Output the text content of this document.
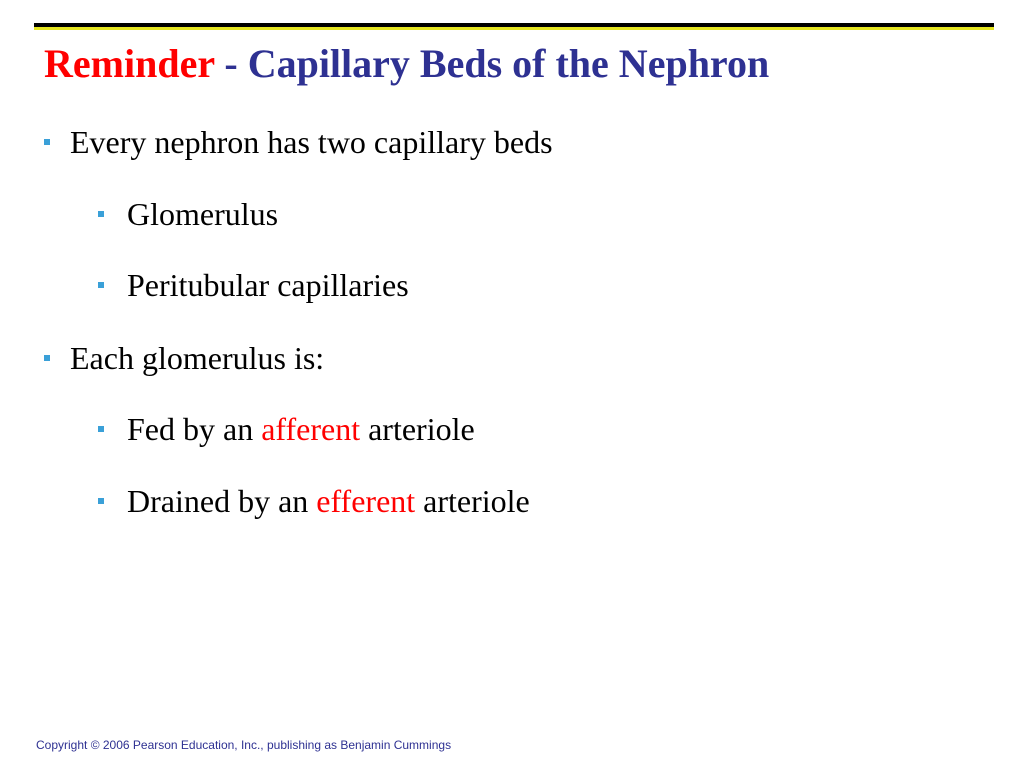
Reminder - Capillary Beds of the Nephron
Every nephron has two capillary beds
Glomerulus
Peritubular capillaries
Each glomerulus is:
Fed by an afferent arteriole
Drained by an efferent arteriole
Copyright © 2006 Pearson Education, Inc., publishing as Benjamin Cummings
